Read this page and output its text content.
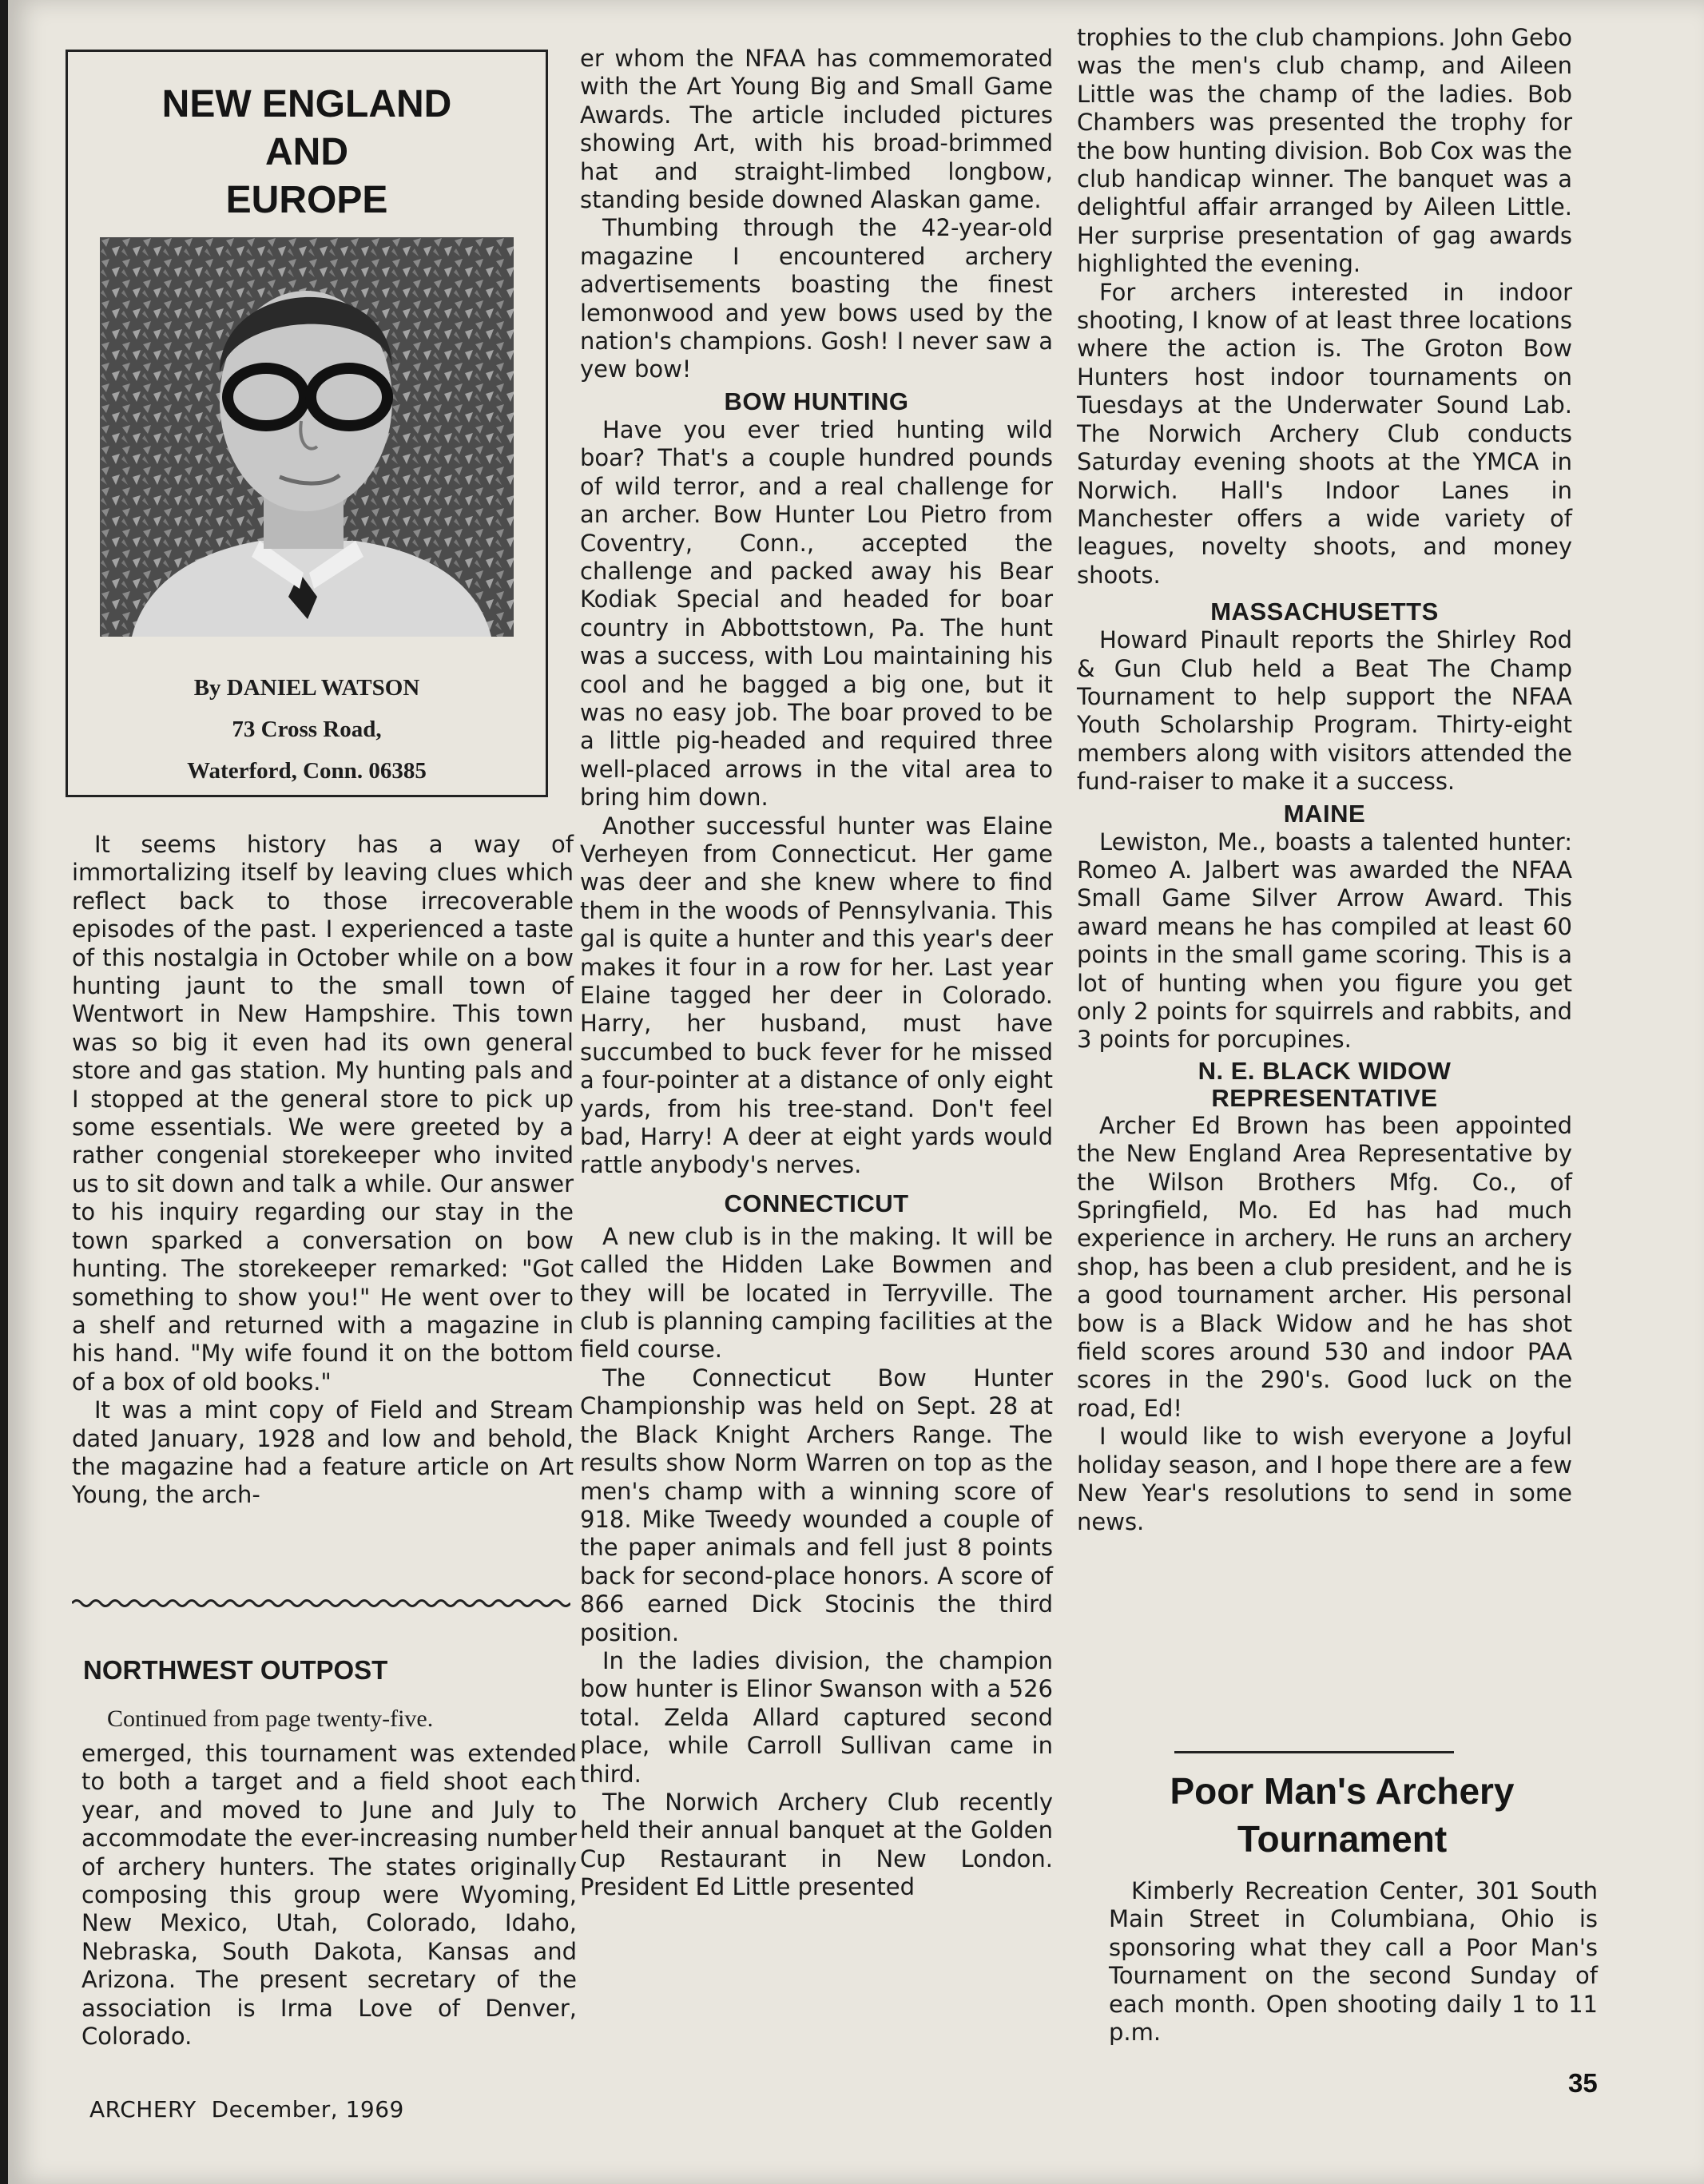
NEW ENGLAND
AND
EUROPE
By DANIEL WATSON
73 Cross Road,
Waterford, Conn. 06385

It seems history has a way of immortalizing itself by leaving clues which reflect back to those irrecoverable episodes of the past. I experienced a taste of this nostalgia in October while on a bow hunting jaunt to the small town of Wentwort in New Hampshire. This town was so big it even had its own general store and gas station. My hunting pals and I stopped at the general store to pick up some essentials. We were greeted by a rather congenial storekeeper who invited us to sit down and talk a while. Our answer to his inquiry regarding our stay in the town sparked a conversation on bow hunting. The storekeeper remarked: "Got something to show you!" He went over to a shelf and returned with a magazine in his hand. "My wife found it on the bottom of a box of old books."

It was a mint copy of Field and Stream dated January, 1928 and low and behold, the magazine had a feature article on Art Young, the arch-

NORTHWEST OUTPOST
Continued from page twenty-five.

emerged, this tournament was extended to both a target and a field shoot each year, and moved to June and July to accommodate the ever-increasing number of archery hunters. The states originally composing this group were Wyoming, New Mexico, Utah, Colorado, Idaho, Nebraska, South Dakota, Kansas and Arizona. The present secretary of the association is Irma Love of Denver, Colorado.

er whom the NFAA has commemorated with the Art Young Big and Small Game Awards. The article included pictures showing Art, with his broad-brimmed hat and straight-limbed longbow, standing beside downed Alaskan game.

Thumbing through the 42-year-old magazine I encountered archery advertisements boasting the finest lemonwood and yew bows used by the nation's champions. Gosh! I never saw a yew bow!

BOW HUNTING

Have you ever tried hunting wild boar? That's a couple hundred pounds of wild terror, and a real challenge for an archer. Bow Hunter Lou Pietro from Coventry, Conn., accepted the challenge and packed away his Bear Kodiak Special and headed for boar country in Abbottstown, Pa. The hunt was a success, with Lou maintaining his cool and he bagged a big one, but it was no easy job. The boar proved to be a little pig-headed and required three well-placed arrows in the vital area to bring him down.

Another successful hunter was Elaine Verheyen from Connecticut. Her game was deer and she knew where to find them in the woods of Pennsylvania. This gal is quite a hunter and this year's deer makes it four in a row for her. Last year Elaine tagged her deer in Colorado. Harry, her husband, must have succumbed to buck fever for he missed a four-pointer at a distance of only eight yards, from his tree-stand. Don't feel bad, Harry! A deer at eight yards would rattle anybody's nerves.

CONNECTICUT

A new club is in the making. It will be called the Hidden Lake Bowmen and they will be located in Terryville. The club is planning camping facilities at the field course.

The Connecticut Bow Hunter Championship was held on Sept. 28 at the Black Knight Archers Range. The results show Norm Warren on top as the men's champ with a winning score of 918. Mike Tweedy wounded a couple of the paper animals and fell just 8 points back for second-place honors. A score of 866 earned Dick Stocinis the third position.

In the ladies division, the champion bow hunter is Elinor Swanson with a 526 total. Zelda Allard captured second place, while Carroll Sullivan came in third.

The Norwich Archery Club recently held their annual banquet at the Golden Cup Restaurant in New London. President Ed Little presented

trophies to the club champions. John Gebo was the men's club champ, and Aileen Little was the champ of the ladies. Bob Chambers was presented the trophy for the bow hunting division. Bob Cox was the club handicap winner. The banquet was a delightful affair arranged by Aileen Little. Her surprise presentation of gag awards highlighted the evening.

For archers interested in indoor shooting, I know of at least three locations where the action is. The Groton Bow Hunters host indoor tournaments on Tuesdays at the Underwater Sound Lab. The Norwich Archery Club conducts Saturday evening shoots at the YMCA in Norwich. Hall's Indoor Lanes in Manchester offers a wide variety of leagues, novelty shoots, and money shoots.

MASSACHUSETTS

Howard Pinault reports the Shirley Rod & Gun Club held a Beat The Champ Tournament to help support the NFAA Youth Scholarship Program. Thirty-eight members along with visitors attended the fund-raiser to make it a success.

MAINE

Lewiston, Me., boasts a talented hunter: Romeo A. Jalbert was awarded the NFAA Small Game Silver Arrow Award. This award means he has compiled at least 60 points in the small game scoring. This is a lot of hunting when you figure you get only 2 points for squirrels and rabbits, and 3 points for porcupines.

N. E. BLACK WIDOW
REPRESENTATIVE

Archer Ed Brown has been appointed the New England Area Representative by the Wilson Brothers Mfg. Co., of Springfield, Mo. Ed has had much experience in archery. He runs an archery shop, has been a club president, and he is a good tournament archer. His personal bow is a Black Widow and he has shot field scores around 530 and indoor PAA scores in the 290's. Good luck on the road, Ed!

I would like to wish everyone a Joyful holiday season, and I hope there are a few New Year's resolutions to send in some news.

Poor Man's Archery
Tournament

Kimberly Recreation Center, 301 South Main Street in Columbiana, Ohio is sponsoring what they call a Poor Man's Tournament on the second Sunday of each month. Open shooting daily 1 to 11 p.m.

ARCHERY December, 1969
35
